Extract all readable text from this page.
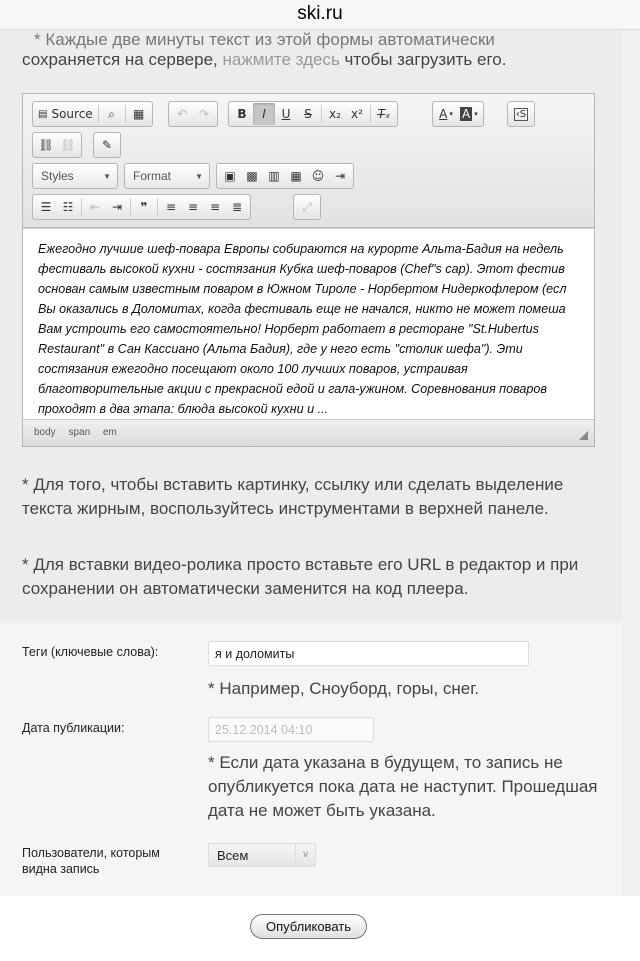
ski.ru
* Каждые две минуты текст из этой формы автоматически
сохраняется на сервере, нажмите здесь чтобы загрузить его.
▤ Source ⌕ ▦	↶ ↷ B I U S x₂ x² T̶ₓ	A ▾ A ▾	‹S
⛓ ⛓ ✎
Styles	▼	Format	▼ ▣ ▩ ▥ ▦ ☺ ⇥
☰ ☷ ⇤ ⇥ ❞ ≡ ≡ ≡ ≣	⤢

Ежегодно лучшие шеф-повара Европы собираются на курорте Альта-Бадия на недель

фестиваль высокой кухни - состязания Кубка шеф-поваров (Chef"s cap). Этот фестив

основан самым известным поваром в Южном Тироле - Норбертом Нидеркофлером (есл

Вы оказались в Доломитах, когда фестиваль еще не начался, никто не может помеша

Вам устроить его самостоятельно! Норберт работает в ресторане "St.Hubertus

Restaurant" в Сан Кассиано (Альта Бадия), где у него есть "столик шефа"). Эти

состязания ежегодно посещают около 100 лучших поваров, устраивая

благотворительные акции с прекрасной едой и гала-ужином. Соревнования поваров

проходят в два этапа: блюда высокой кухни и ...

body span em
* Для того, чтобы вставить картинку, ссылку или сделать выделение текста жирным, воспользуйтесь инструментами в верхней панеле.
* Для вставки видео-ролика просто вставьте его URL в редактор и при сохранении он автоматически заменится на код плеера.
Теги (ключевые слова):	я и доломиты
* Например, Сноуборд, горы, снег.
Дата публикации:	25.12.2014 04:10
* Если дата указана в будущем, то запись не опубликуется пока дата не наступит. Прошедшая дата не может быть указана.
Пользователи, которым видна запись
Всем	∨
Опубликовать
